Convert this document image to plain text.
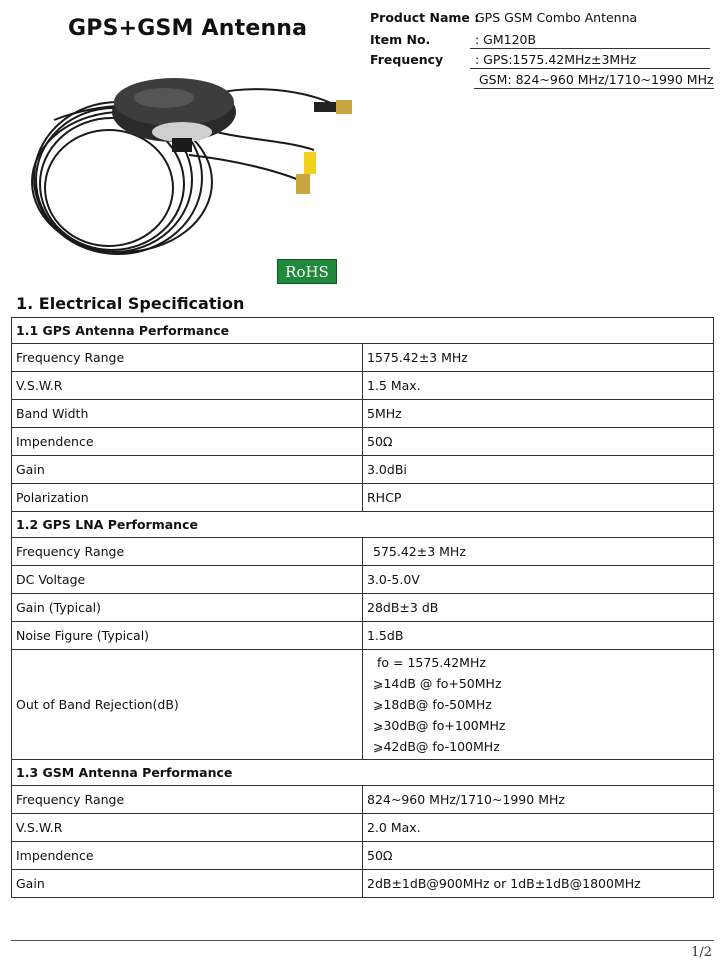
GPS+GSM Antenna	Product Name :
GPS GSM Combo Antenna
Item No.	: GM120B
Frequency	: GPS:1575.42MHz±3MHz
GSM: 824~960 MHz/1710~1990 MHz
RoHS
1. Electrical Specification
1.1 GPS Antenna Performance	
Frequency Range	1575.42±3 MHz
V.S.W.R	1.5 Max.
Band Width	5MHz
Impendence	50Ω
Gain	3.0dBi
Polarization	RHCP
1.2 GPS LNA Performance	
Frequency Range	575.42±3 MHz
DC Voltage	3.0-5.0V
Gain (Typical)	28dB±3 dB
Noise Figure (Typical)	1.5dB
Out of Band Rejection(dB)	fo = 1575.42MHz
⩾14dB @ fo+50MHz
⩾18dB@ fo-50MHz
⩾30dB@ fo+100MHz
⩾42dB@ fo-100MHz

1.3 GSM Antenna Performance	
Frequency Range	824~960 MHz/1710~1990 MHz
V.S.W.R	2.0 Max.
Impendence	50Ω
Gain	2dB±1dB@900MHz or 1dB±1dB@1800MHz
1/2
